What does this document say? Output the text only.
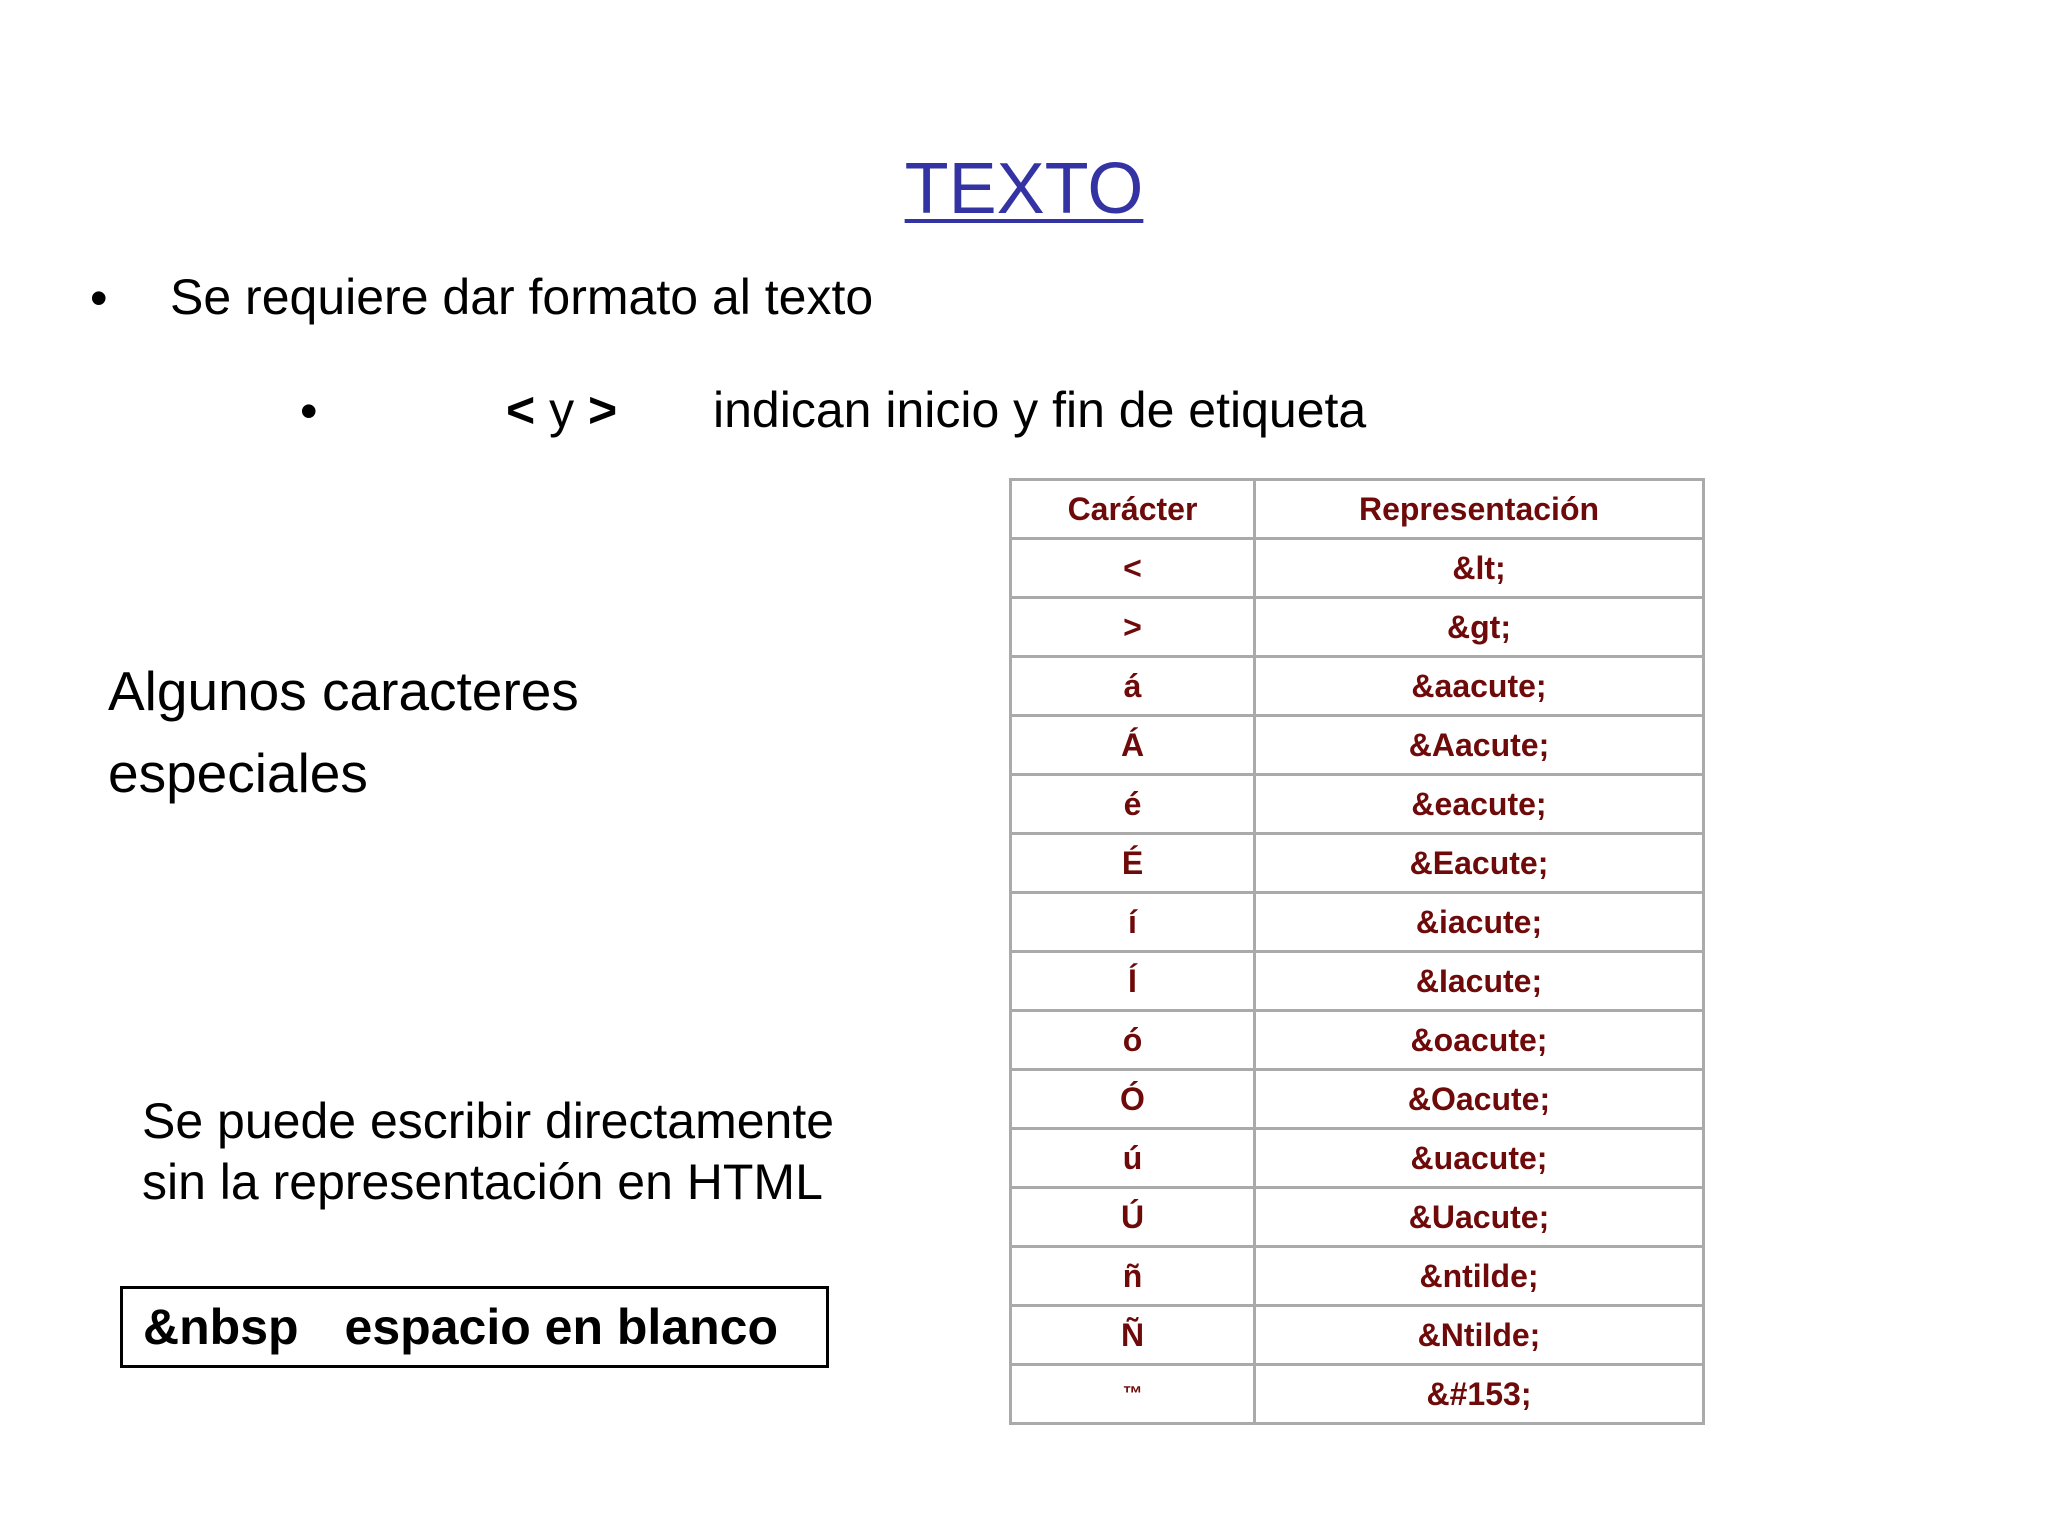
TEXTO
• Se requiere dar formato al texto
•	< y > indican inicio y fin de etiqueta
Algunos caracteres
especiales
Se puede escribir directamente
sin la representación en HTML
&nbsp espacio en blanco
Carácter	Representación
<	&lt;
>	&gt;
á	&aacute;
Á	&Aacute;
é	&eacute;
É	&Eacute;
í	&iacute;
Í	&Iacute;
ó	&oacute;
Ó	&Oacute;
ú	&uacute;
Ú	&Uacute;
ñ	&ntilde;
Ñ	&Ntilde;
™	&#153;
